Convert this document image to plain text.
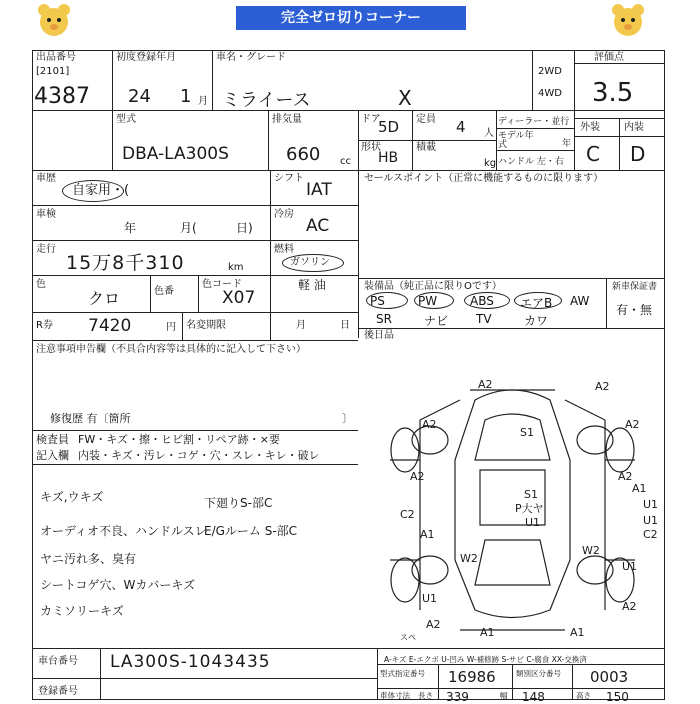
完全ゼロ切りコーナー
出品番号
[2101]
4387
初度登録年月
24 1 月
車名・グレード
ミライース	X
2WD
4WD
評価点
3.5
型式
DBA-LA300S
排気量
660 cc
ドア
5D 定員 4 人
形状
HB
積載
kg
ディーラー・並行
モデル年式	年
ハンドル 左・右
外装 内装
C D
車歴
自家用・(
シフト
IAT
セールスポイント（正常に機能するものに限ります）
車検
年	月(	日)
冷房
AC
走行
15万8千310	km
燃料
ガソリン
軽 油
色
クロ	色番
色コード
X07
R券 7420	円 名変期限	月	日
装備品（純正品に限りOです）	新車保証書
PS	PW	ABS エアB AW
SR	ナビ TV	カワ
有・無
後日品
注意事項申告欄（不具合内容等は具体的に記入して下さい）
修復歴 有〔箇所	〕
検査員 FW・キズ・擦・ヒビ割・リペア跡・×要
記入欄 内装・キズ・汚レ・コゲ・穴・スレ・キレ・破レ
キズ,ウキズ
オーディオ不良、ハンドルスレ
ヤニ汚れ多、臭有
シートコゲ穴、Wカバーキズ
カミソリーキズ
下廻りS-部C
E/Gルーム S-部C
A2	A2
A2
S1
A2
A2	A2
C2
A1
S1
P大ヤ
U1
A1
U1
U1
C2
W2
W2
U1
U1
A2
A2
A1	A1
スペ
車台番号 LA300S-1043435
登録番号
A-キズ E-エクボ U-凹み W-補修跡 S-サビ C-腐食 XX-交換済
型式指定番号 16986	類別区分番号 0003
車体寸法 長さ 339	幅 148	高さ 150
